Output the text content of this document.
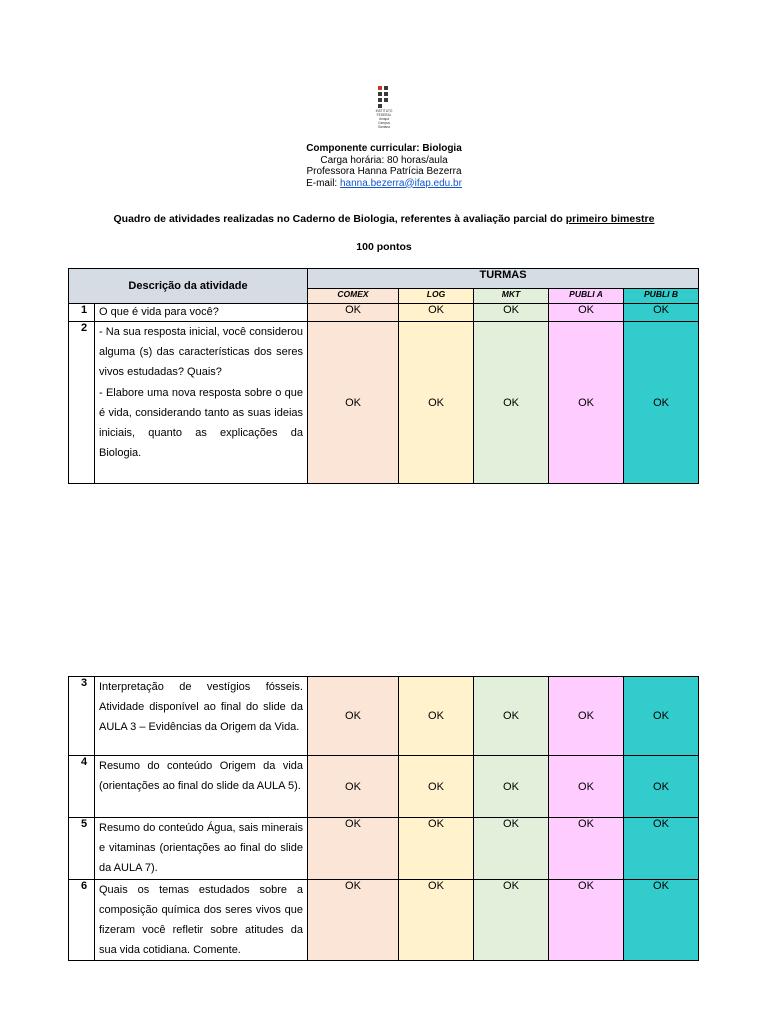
INSTITUTO
FEDERAL
Amapá
Campus
Santana
Componente curricular: Biologia
Carga horária: 80 horas/aula
Professora Hanna Patrícia Bezerra
E-mail: hanna.bezerra@ifap.edu.br
Quadro de atividades realizadas no Caderno de Biologia, referentes à avaliação parcial do primeiro bimestre
100 pontos
Descrição da atividade		TURMAS				
		COMEX	LOG	MKT	PUBLI A	PUBLI B
1	O que é vida para você?	OK	OK	OK	OK	OK
2	- Na sua resposta inicial, você considerou alguma (s) das características dos seres vivos estudadas? Quais?
- Elabore uma nova resposta sobre o que é vida, considerando tanto as suas ideias iniciais, quanto as explicações da Biologia.	OK	OK	OK	OK	OK
3	Interpretação de vestígios fósseis. Atividade disponível ao final do slide da AULA 3 – Evidências da Origem da Vida.	OK	OK	OK	OK	OK
4	Resumo do conteúdo Origem da vida (orientações ao final do slide da AULA 5).	OK	OK	OK	OK	OK
5	Resumo do conteúdo Água, sais minerais e vitaminas (orientações ao final do slide da AULA 7).	OK	OK	OK	OK	OK
6	Quais os temas estudados sobre a composição química dos seres vivos que fizeram você refletir sobre atitudes da sua vida cotidiana. Comente.	OK	OK	OK	OK	OK
